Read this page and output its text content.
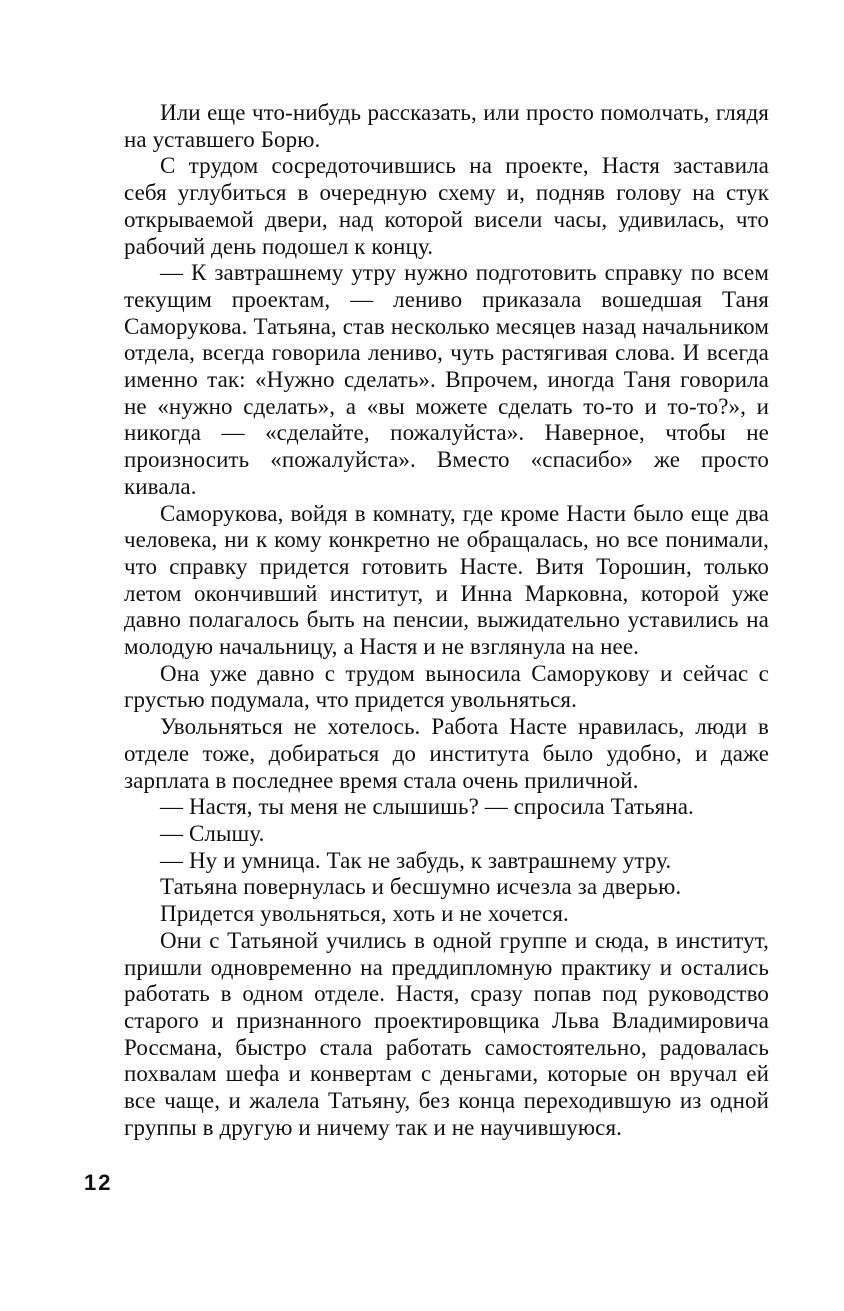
Или еще что-нибудь рассказать, или просто помолчать, глядя на уставшего Борю.

С трудом сосредоточившись на проекте, Настя заставила себя углубиться в очередную схему и, подняв голову на стук открываемой двери, над которой висели часы, удивилась, что рабочий день подошел к концу.

— К завтрашнему утру нужно подготовить справку по всем текущим проектам, — лениво приказала вошедшая Таня Саморукова. Татьяна, став несколько месяцев назад начальником отдела, всегда говорила лениво, чуть растягивая слова. И всегда именно так: «Нужно сделать». Впрочем, иногда Таня говорила не «нужно сделать», а «вы можете сделать то-то и то-то?», и никогда — «сделайте, пожалуйста». Наверное, чтобы не произносить «пожалуйста». Вместо «спасибо» же просто кивала.

Саморукова, войдя в комнату, где кроме Насти было еще два человека, ни к кому конкретно не обращалась, но все понимали, что справку придется готовить Насте. Витя Торошин, только летом окончивший институт, и Инна Марковна, которой уже давно полагалось быть на пенсии, выжидательно уставились на молодую начальницу, а Настя и не взглянула на нее.

Она уже давно с трудом выносила Саморукову и сейчас с грустью подумала, что придется увольняться.

Увольняться не хотелось. Работа Насте нравилась, люди в отделе тоже, добираться до института было удобно, и даже зарплата в последнее время стала очень приличной.

— Настя, ты меня не слышишь? — спросила Татьяна.

— Слышу.

— Ну и умница. Так не забудь, к завтрашнему утру.

Татьяна повернулась и бесшумно исчезла за дверью.

Придется увольняться, хоть и не хочется.

Они с Татьяной учились в одной группе и сюда, в институт, пришли одновременно на преддипломную практику и остались работать в одном отделе. Настя, сразу попав под руководство старого и признанного проектировщика Льва Владимировича Россмана, быстро стала работать самостоятельно, радовалась похвалам шефа и конвертам с деньгами, которые он вручал ей все чаще, и жалела Татьяну, без конца переходившую из одной группы в другую и ничему так и не научившуюся.

12
